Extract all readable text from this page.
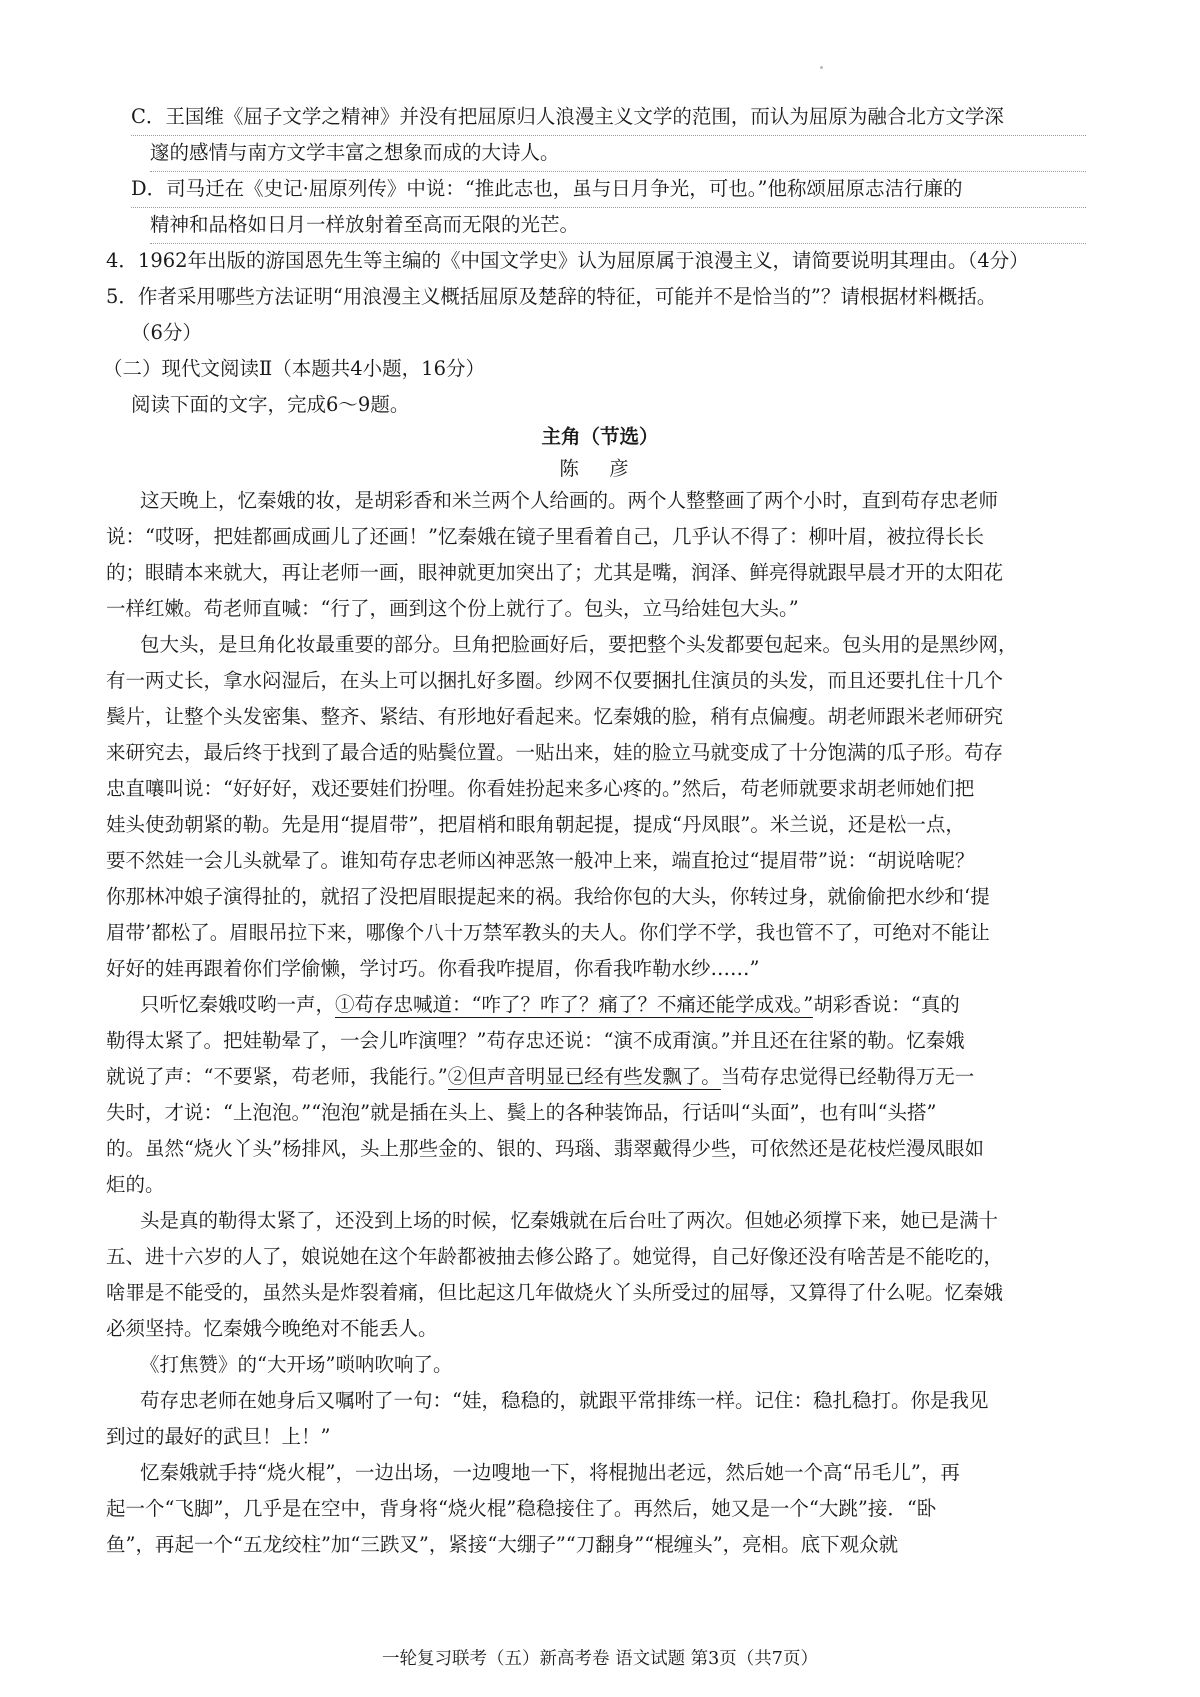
C．王国维《屈子文学之精神》并没有把屈原归人浪漫主义文学的范围，而认为屈原为融合北方文学深
邃的感情与南方文学丰富之想象而成的大诗人。
D．司马迁在《史记·屈原列传》中说：“推此志也，虽与日月争光，可也。”他称颂屈原志洁行廉的
精神和品格如日月一样放射着至高而无限的光芒。
4．1962年出版的游国恩先生等主编的《中国文学史》认为屈原属于浪漫主义，请简要说明其理由。（4分）
5．作者采用哪些方法证明“用浪漫主义概括屈原及楚辞的特征，可能并不是恰当的”？请根据材料概括。
（6分）
（二）现代文阅读Ⅱ（本题共4小题，16分）
阅读下面的文字，完成6～9题。
主角（节选）
陈 彦
这天晚上，忆秦娥的妆，是胡彩香和米兰两个人给画的。两个人整整画了两个小时，直到苟存忠老师
说：“哎呀，把娃都画成画儿了还画！”忆秦娥在镜子里看着自己，几乎认不得了：柳叶眉，被拉得长长
的；眼睛本来就大，再让老师一画，眼神就更加突出了；尤其是嘴，润泽、鲜亮得就跟早晨才开的太阳花
一样红嫩。苟老师直喊：“行了，画到这个份上就行了。包头，立马给娃包大头。”
包大头，是旦角化妆最重要的部分。旦角把脸画好后，要把整个头发都要包起来。包头用的是黑纱网，
有一两丈长，拿水闷湿后，在头上可以捆扎好多圈。纱网不仅要捆扎住演员的头发，而且还要扎住十几个
鬓片，让整个头发密集、整齐、紧结、有形地好看起来。忆秦娥的脸，稍有点偏瘦。胡老师跟米老师研究
来研究去，最后终于找到了最合适的贴鬓位置。一贴出来，娃的脸立马就变成了十分饱满的瓜子形。苟存
忠直嚷叫说：“好好好，戏还要娃们扮哩。你看娃扮起来多心疼的。”然后，苟老师就要求胡老师她们把
娃头使劲朝紧的勒。先是用“提眉带”，把眉梢和眼角朝起提，提成“丹凤眼”。米兰说，还是松一点，
要不然娃一会儿头就晕了。谁知苟存忠老师凶神恶煞一般冲上来，端直抢过“提眉带”说：“胡说啥呢？
你那林冲娘子演得扯的，就招了没把眉眼提起来的祸。我给你包的大头，你转过身，就偷偷把水纱和‘提
眉带’都松了。眉眼吊拉下来，哪像个八十万禁军教头的夫人。你们学不学，我也管不了，可绝对不能让
好好的娃再跟着你们学偷懒，学讨巧。你看我咋提眉，你看我咋勒水纱……”
只听忆秦娥哎哟一声，①苟存忠喊道：“咋了？咋了？痛了？不痛还能学成戏。”胡彩香说：“真的
勒得太紧了。把娃勒晕了，一会儿咋演哩？”苟存忠还说：“演不成甭演。”并且还在往紧的勒。忆秦娥
就说了声：“不要紧，苟老师，我能行。”②但声音明显已经有些发飘了。当苟存忠觉得已经勒得万无一
失时，才说：“上泡泡。”“泡泡”就是插在头上、鬓上的各种装饰品，行话叫“头面”，也有叫“头搭”
的。虽然“烧火丫头”杨排风，头上那些金的、银的、玛瑙、翡翠戴得少些，可依然还是花枝烂漫凤眼如
炬的。
头是真的勒得太紧了，还没到上场的时候，忆秦娥就在后台吐了两次。但她必须撑下来，她已是满十
五、进十六岁的人了，娘说她在这个年龄都被抽去修公路了。她觉得，自己好像还没有啥苦是不能吃的，
啥罪是不能受的，虽然头是炸裂着痛，但比起这几年做烧火丫头所受过的屈辱，又算得了什么呢。忆秦娥
必须坚持。忆秦娥今晚绝对不能丢人。
《打焦赞》的“大开场”唢呐吹响了。
苟存忠老师在她身后又嘱咐了一句：“娃，稳稳的，就跟平常排练一样。记住：稳扎稳打。你是我见
到过的最好的武旦！上！”
忆秦娥就手持“烧火棍”，一边出场，一边嗖地一下，将棍抛出老远，然后她一个高“吊毛儿”，再
起一个“飞脚”，几乎是在空中，背身将“烧火棍”稳稳接住了。再然后，她又是一个“大跳”接．“卧
鱼”，再起一个“五龙绞柱”加“三跌叉”，紧接“大绷子”“刀翻身”“棍缠头”，亮相。底下观众就
一轮复习联考（五）新高考卷 语文试题 第3页（共7页）
